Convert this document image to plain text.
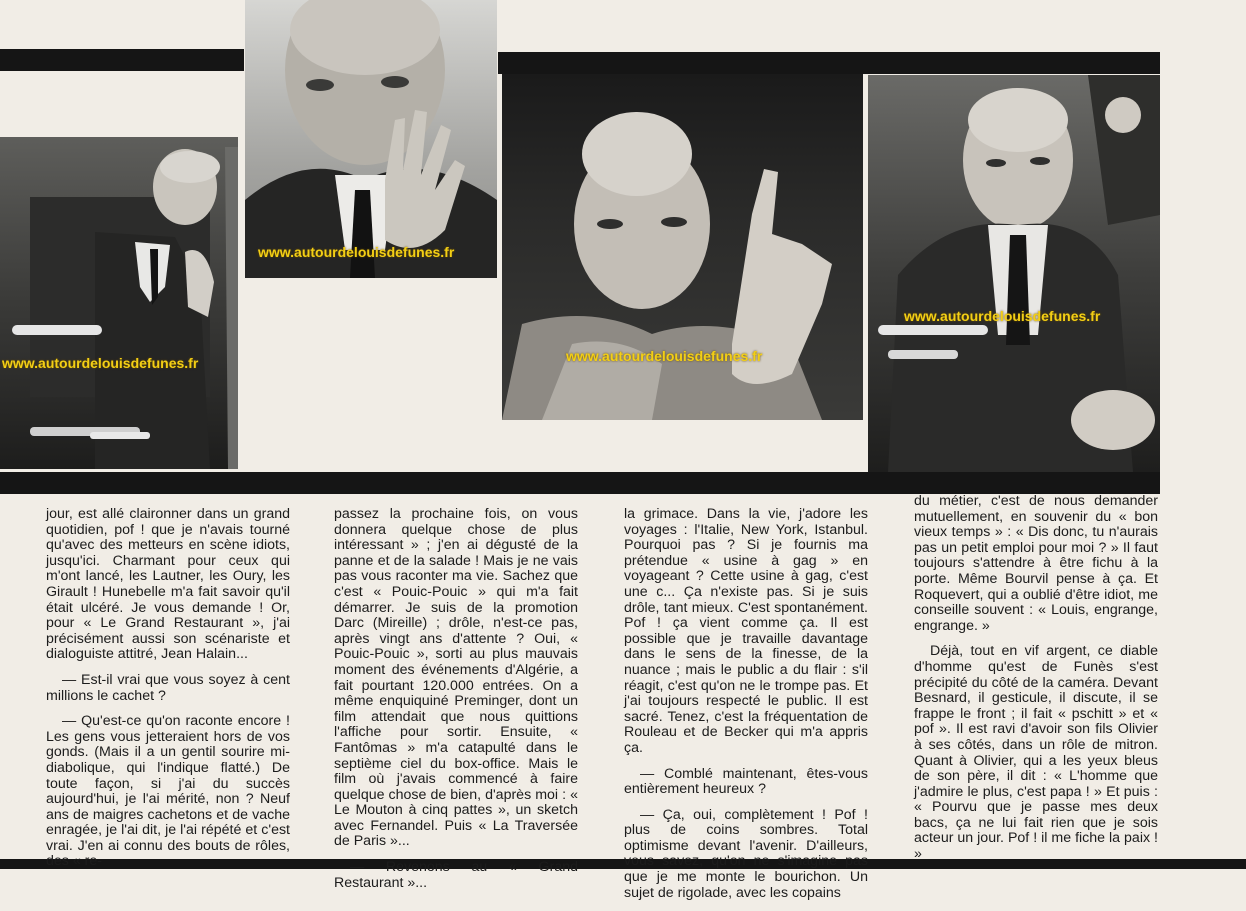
www.autourdelouisdefunes.fr
www.autourdelouisdefunes.fr
www.autourdelouisdefunes.fr
www.autourdelouisdefunes.fr

jour, est allé claironner dans un grand quotidien, pof ! que je n'avais tourné qu'avec des metteurs en scène idiots, jusqu'ici. Charmant pour ceux qui m'ont lancé, les Lautner, les Oury, les Girault ! Hunebelle m'a fait savoir qu'il était ulcéré. Je vous demande ! Or, pour « Le Grand Restaurant », j'ai précisément aussi son scénariste et dialoguiste attitré, Jean Halain...

— Est-il vrai que vous soyez à cent millions le cachet ?

— Qu'est-ce qu'on raconte encore ! Les gens vous jetteraient hors de vos gonds. (Mais il a un gentil sourire mi-diabolique, qui l'indique flatté.) De toute façon, si j'ai du succès aujourd'hui, je l'ai mérité, non ? Neuf ans de maigres cachetons et de vache enragée, je l'ai dit, je l'ai répété et c'est vrai. J'en ai connu des bouts de rôles, des « re-

passez la prochaine fois, on vous donnera quelque chose de plus intéressant » ; j'en ai dégusté de la panne et de la salade ! Mais je ne vais pas vous raconter ma vie. Sachez que c'est « Pouic-Pouic » qui m'a fait démarrer. Je suis de la promotion Darc (Mireille) ; drôle, n'est-ce pas, après vingt ans d'attente ? Oui, « Pouic-Pouic », sorti au plus mauvais moment des événements d'Algérie, a fait pourtant 120.000 entrées. On a même enquiquiné Preminger, dont un film attendait que nous quittions l'affiche pour sortir. Ensuite, « Fantômas » m'a catapulté dans le septième ciel du box-office. Mais le film où j'avais commencé à faire quelque chose de bien, d'après moi : « Le Mouton à cinq pattes », un sketch avec Fernandel. Puis « La Traversée de Paris »...

— Revenons au « Grand Restaurant »...

la grimace. Dans la vie, j'adore les voyages : l'Italie, New York, Istanbul. Pourquoi pas ? Si je fournis ma prétendue « usine à gag » en voyageant ? Cette usine à gag, c'est une c... Ça n'existe pas. Si je suis drôle, tant mieux. C'est spontanément. Pof ! ça vient comme ça. Il est possible que je travaille davantage dans le sens de la finesse, de la nuance ; mais le public a du flair : s'il réagit, c'est qu'on ne le trompe pas. Et j'ai toujours respecté le public. Il est sacré. Tenez, c'est la fréquentation de Rouleau et de Becker qui m'a appris ça.

— Comblé maintenant, êtes-vous entièrement heureux ?

— Ça, oui, complètement ! Pof ! plus de coins sombres. Total optimisme devant l'avenir. D'ailleurs, vous savez, qu'on ne s'imagine pas que je me monte le bourichon. Un sujet de rigolade, avec les copains

du métier, c'est de nous demander mutuellement, en souvenir du « bon vieux temps » : « Dis donc, tu n'aurais pas un petit emploi pour moi ? » Il faut toujours s'attendre à être fichu à la porte. Même Bourvil pense à ça. Et Roquevert, qui a oublié d'être idiot, me conseille souvent : « Louis, engrange, engrange. »

Déjà, tout en vif argent, ce diable d'homme qu'est de Funès s'est précipité du côté de la caméra. Devant Besnard, il gesticule, il discute, il se frappe le front ; il fait « pschitt » et « pof ». Il est ravi d'avoir son fils Olivier à ses côtés, dans un rôle de mitron. Quant à Olivier, qui a les yeux bleus de son père, il dit : « L'homme que j'admire le plus, c'est papa ! » Et puis : « Pourvu que je passe mes deux bacs, ça ne lui fait rien que je sois acteur un jour. Pof ! il me fiche la paix ! »
